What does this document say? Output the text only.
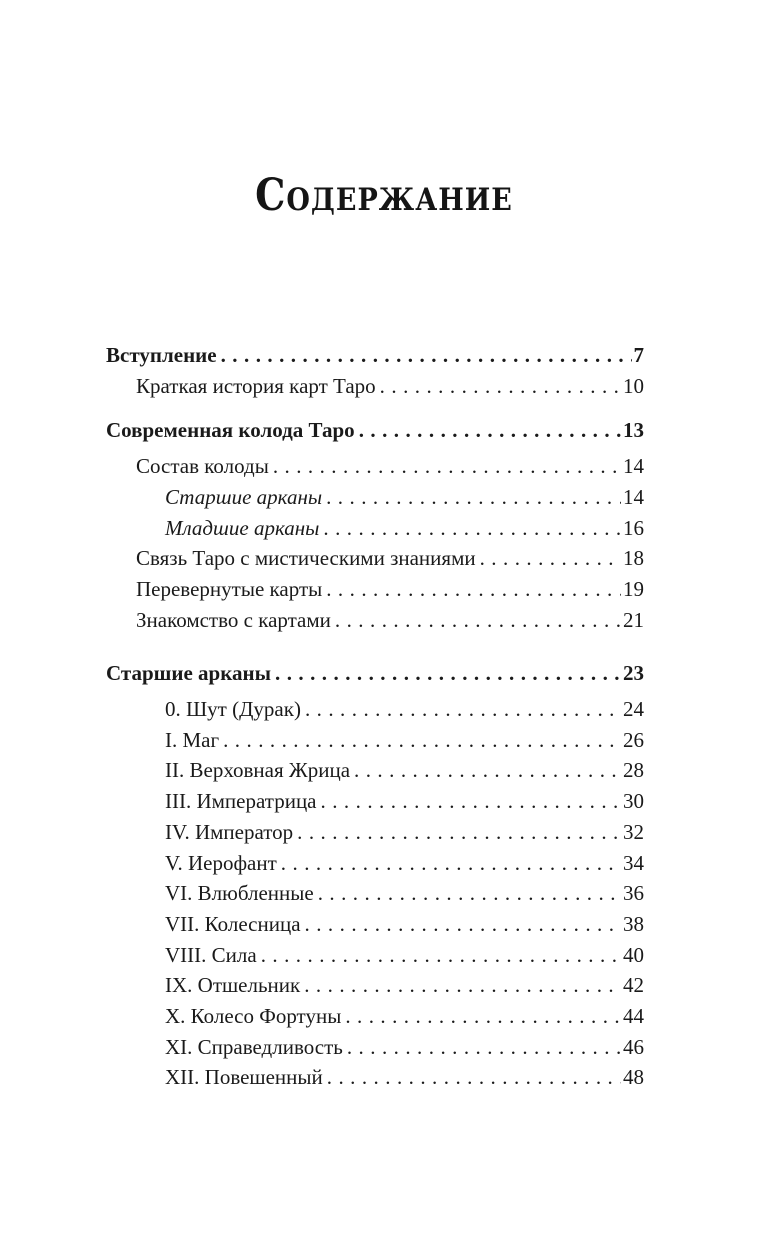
Содержание
Вступление . . .	7
Краткая история карт Таро . . .	10
Современная колода Таро . . .	13
Состав колоды . . .	14
Старшие арканы . . .	14
Младшие арканы . . .	16
Связь Таро с мистическими знаниями . . .	18
Перевернутые карты . . .	19
Знакомство с картами . . .	21
Старшие арканы . . .	23
0. Шут (Дурак) . . .	24
I. Маг . . .	26
II. Верховная Жрица . . .	28
III. Императрица . . .	30
IV. Император . . .	32
V. Иерофант . . .	34
VI. Влюбленные . . .	36
VII. Колесница . . .	38
VIII. Сила . . .	40
IX. Отшельник . . .	42
X. Колесо Фортуны . . .	44
XI. Справедливость . . .	46
XII. Повешенный . . .	48
